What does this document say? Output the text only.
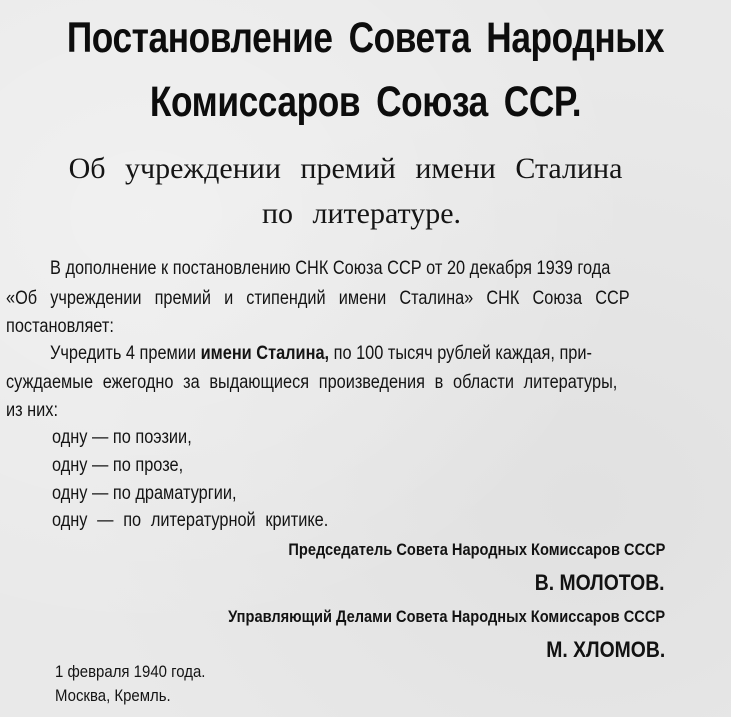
Постановление Совета Народных
Комиссаров Союза ССР.
Об учреждении премий имени Сталина
по литературе.
В дополнение к постановлению СНК Союза ССР от 20 декабря 1939 года
«Об учреждении премий и стипендий имени Сталина» СНК Союза ССР
постановляет:
Учредить 4 премии имени Сталина, по 100 тысяч рублей каждая, при-
суждаемые ежегодно за выдающиеся произведения в области литературы,
из них:
одну — по поэзии,
одну — по прозе,
одну — по драматургии,
одну — по литературной критике.
Председатель Совета Народных Комиссаров СССР
В. МОЛОТОВ.
Управляющий Делами Совета Народных Комиссаров СССР
М. ХЛОМОВ.
1 февраля 1940 года.
Москва, Кремль.
